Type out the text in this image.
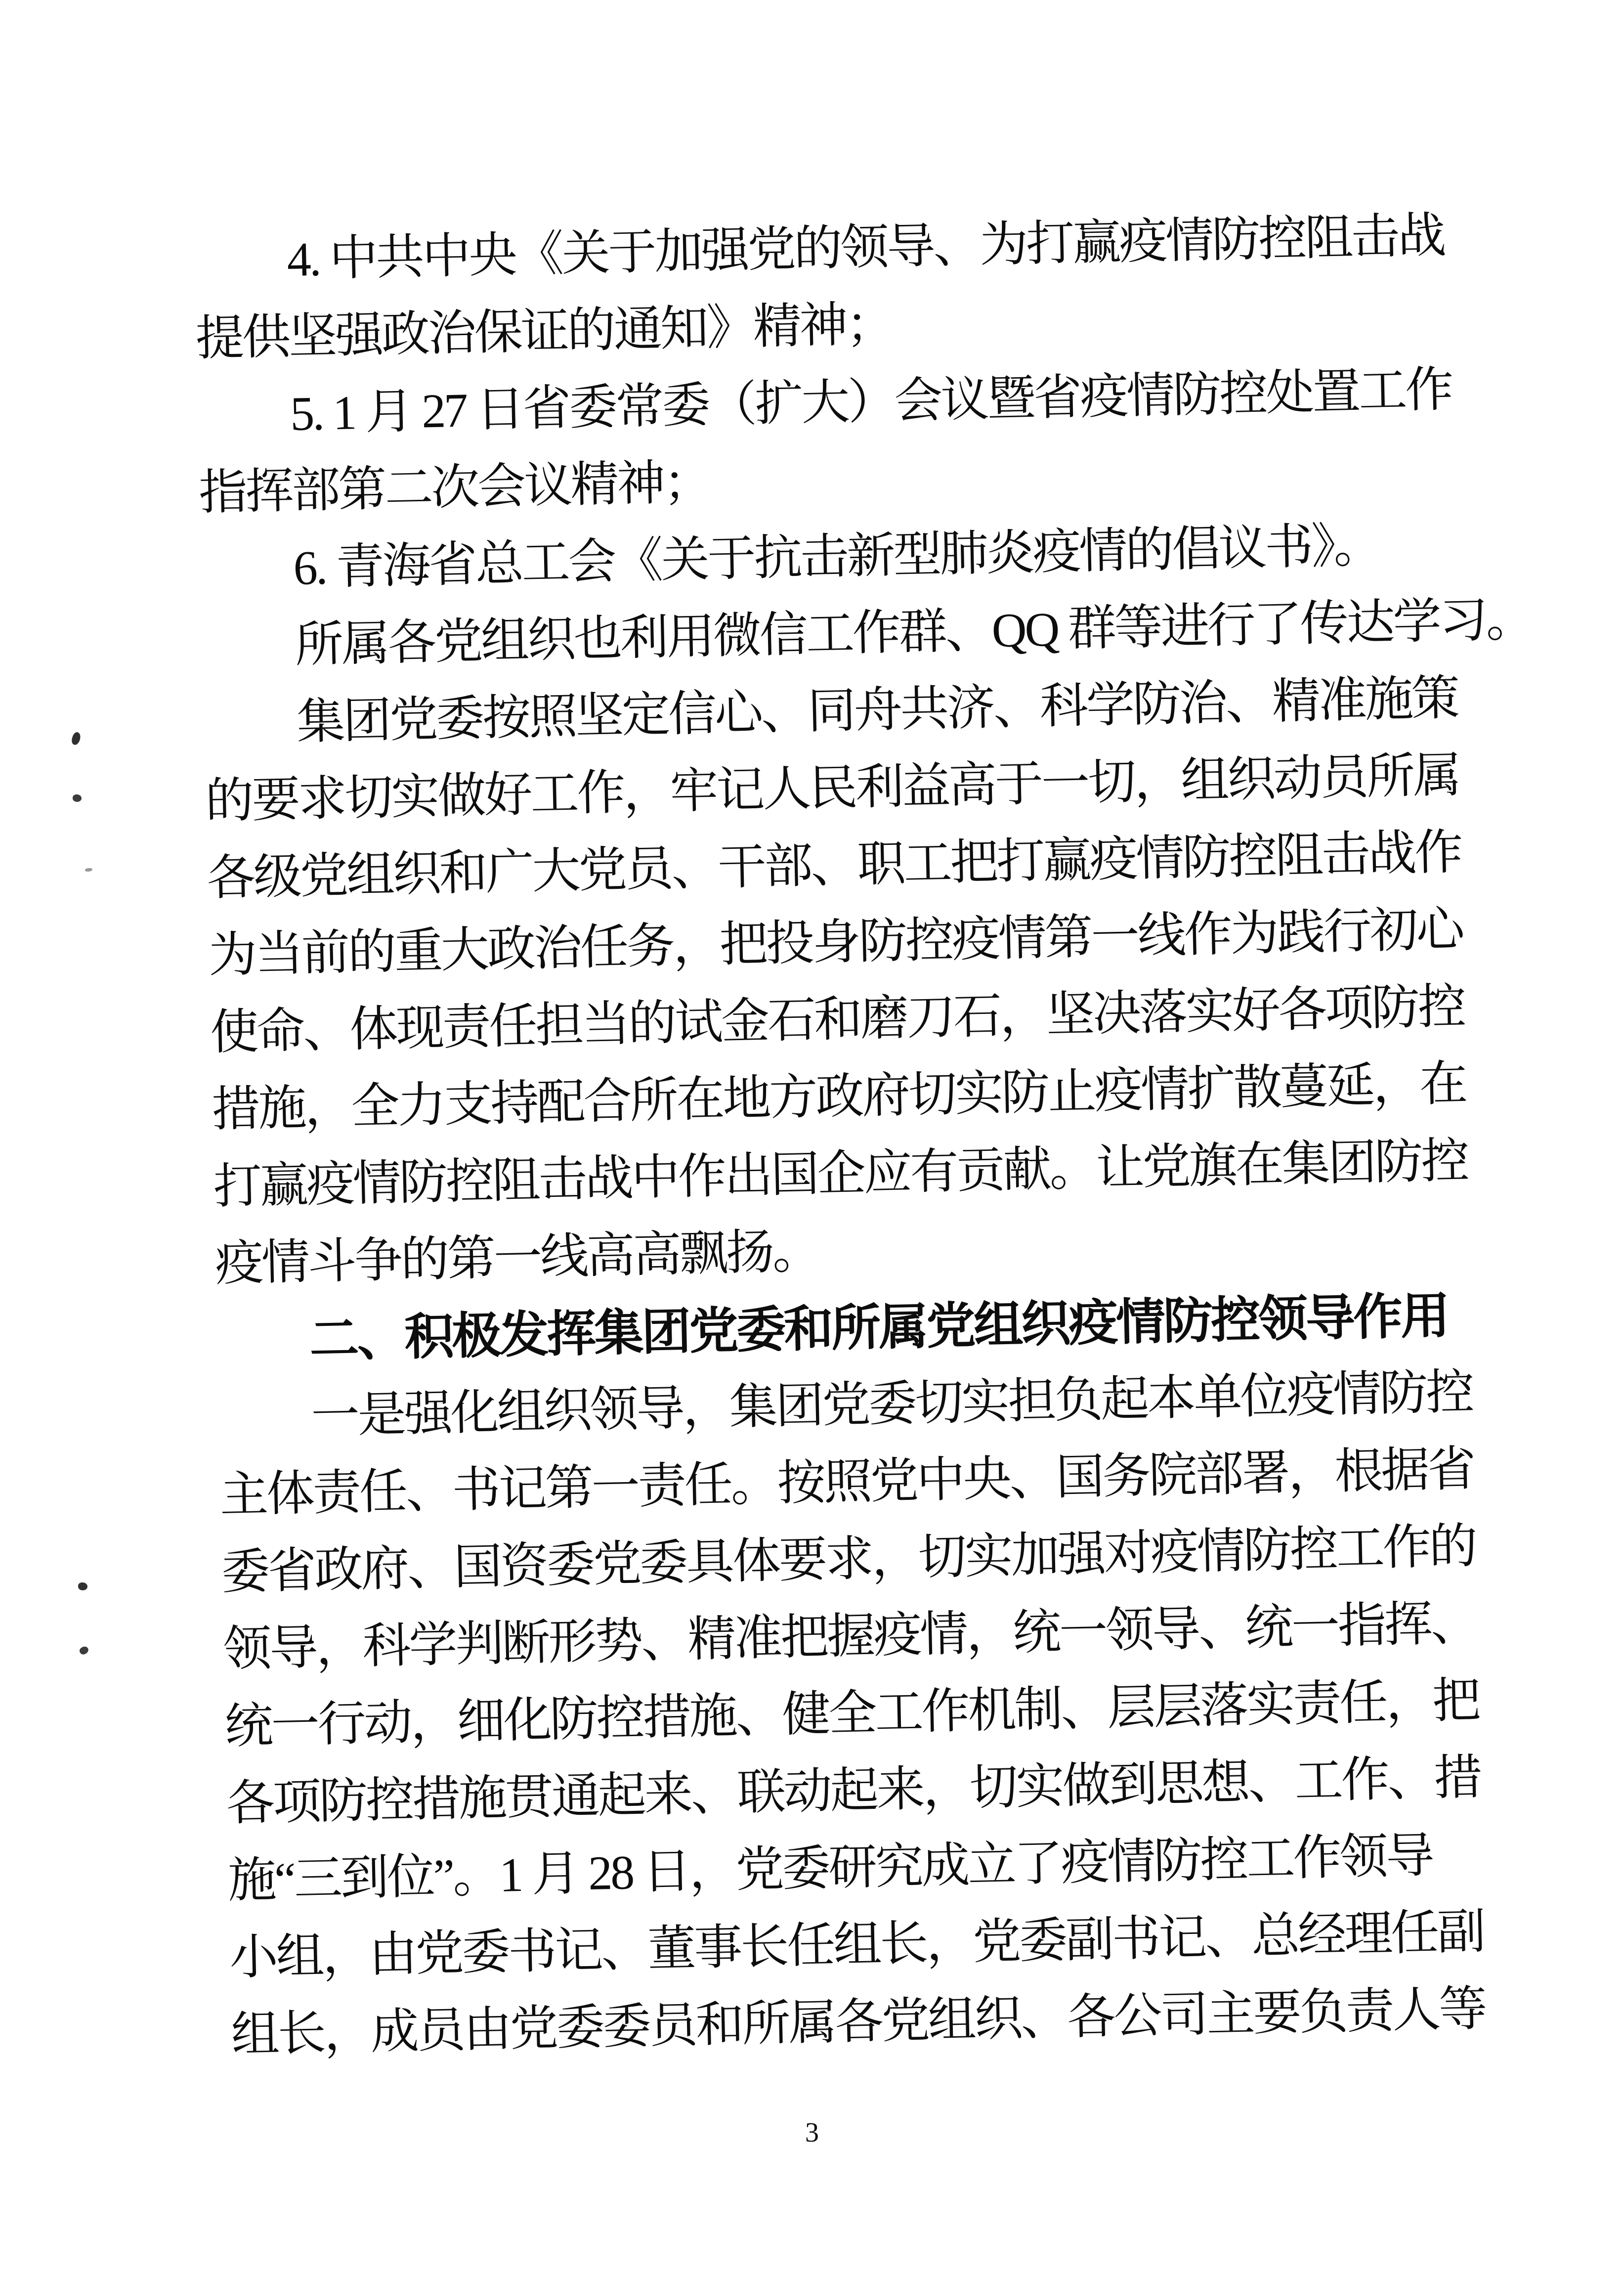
4. 中共中央《关于加强党的领导、为打赢疫情防控阻击战
提供坚强政治保证的通知》精神；
5. 1 月 27 日省委常委（扩大）会议暨省疫情防控处置工作
指挥部第二次会议精神；
6. 青海省总工会《关于抗击新型肺炎疫情的倡议书》。
所属各党组织也利用微信工作群、QQ 群等进行了传达学习。
集团党委按照坚定信心、同舟共济、科学防治、精准施策
的要求切实做好工作，牢记人民利益高于一切，组织动员所属
各级党组织和广大党员、干部、职工把打赢疫情防控阻击战作
为当前的重大政治任务，把投身防控疫情第一线作为践行初心
使命、体现责任担当的试金石和磨刀石，坚决落实好各项防控
措施，全力支持配合所在地方政府切实防止疫情扩散蔓延，在
打赢疫情防控阻击战中作出国企应有贡献。让党旗在集团防控
疫情斗争的第一线高高飘扬。
二、积极发挥集团党委和所属党组织疫情防控领导作用
一是强化组织领导，集团党委切实担负起本单位疫情防控
主体责任、书记第一责任。按照党中央、国务院部署，根据省
委省政府、国资委党委具体要求，切实加强对疫情防控工作的
领导，科学判断形势、精准把握疫情，统一领导、统一指挥、
统一行动，细化防控措施、健全工作机制、层层落实责任，把
各项防控措施贯通起来、联动起来，切实做到思想、工作、措
施“三到位”。1 月 28 日，党委研究成立了疫情防控工作领导
小组，由党委书记、董事长任组长，党委副书记、总经理任副
组长，成员由党委委员和所属各党组织、各公司主要负责人等
3
